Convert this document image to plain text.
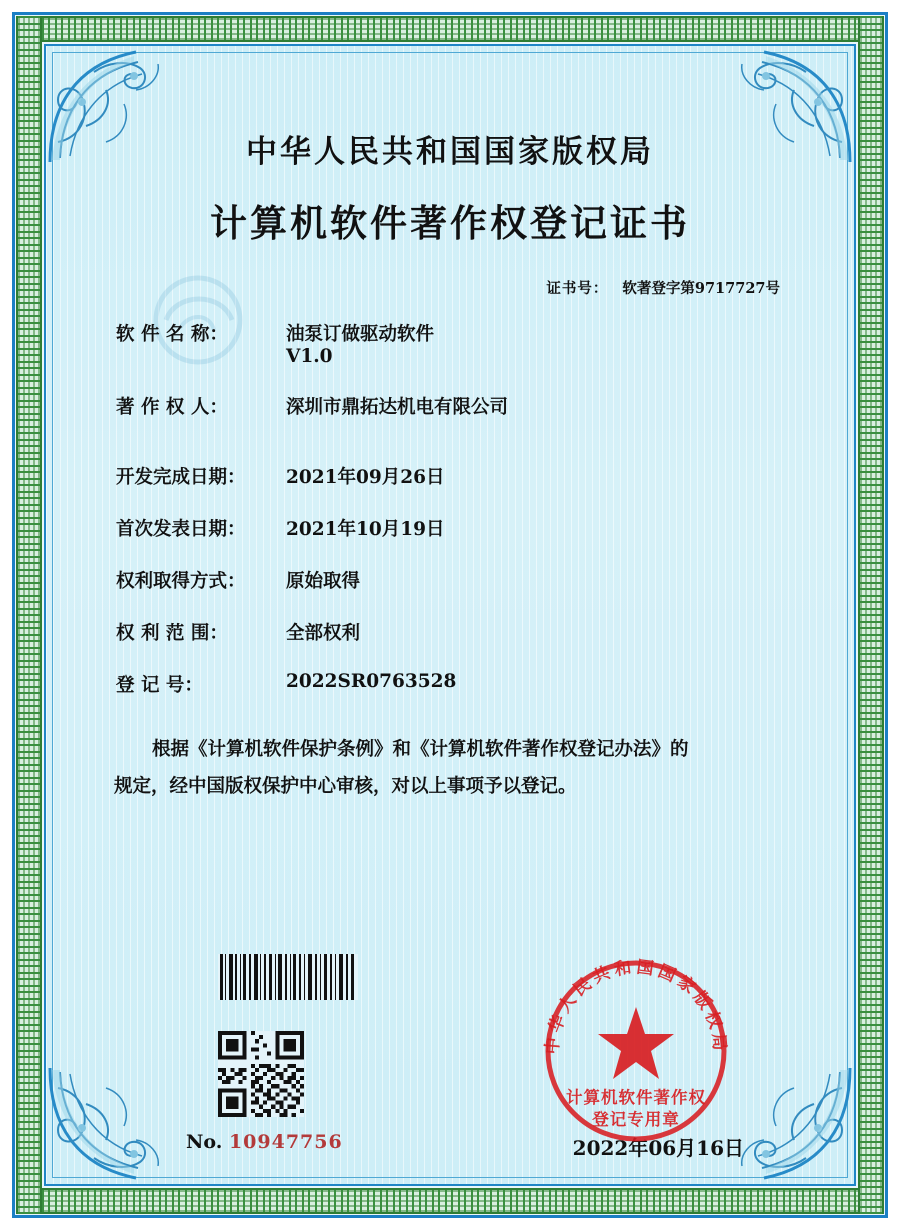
中华人民共和国国家版权局
计算机软件著作权登记证书
证书号： 软著登字第9717727号
软 件 名 称：	油泵订做驱动软件
V1.0
著 作 权 人：	深圳市鼎拓达机电有限公司
开发完成日期：	2021年09月26日
首次发表日期：	2021年10月19日
权利取得方式：	原始取得
权 利 范 围：	全部权利
登 记 号：	2022SR0763528
根据《计算机软件保护条例》和《计算机软件著作权登记办法》的
规定，经中国版权保护中心审核，对以上事项予以登记。
No. 10947756	2022年06月16日
中华人民共和国国家版权局
计算机软件著作权
登记专用章
